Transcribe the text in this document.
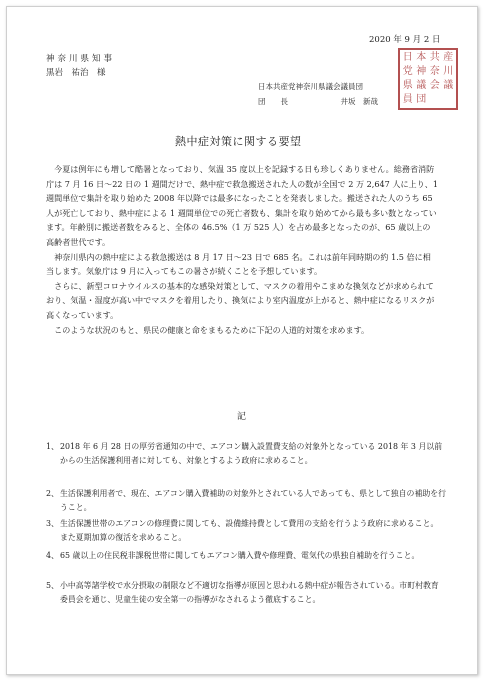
2020 年 9 月 2 日
神奈川県知事
黒岩　祐治　様
日本共産党神奈川県議会議員団
団　　長　　　　　　　井坂　新哉
日 本 共 産
党 神 奈 川
県 議 会 議
員 団
熱中症対策に関する要望
　今夏は例年にも増して酷暑となっており、気温 35 度以上を記録する日も珍しくありません。総務省消防庁は 7 月 16 日～22 日の 1 週間だけで、熱中症で救急搬送された人の数が全国で 2 万 2,647 人に上り、1 週間単位で集計を取り始めた 2008 年以降では最多になったことを発表しました。搬送された人のうち 65 人が死亡しており、熱中症による 1 週間単位での死亡者数も、集計を取り始めてから最も多い数となっています。年齢別に搬送者数をみると、全体の 46.5%（1 万 525 人）を占め最多となったのが、65 歳以上の高齢者世代です。
　神奈川県内の熱中症による救急搬送は 8 月 17 日～23 日で 685 名。これは前年同時期の約 1.5 倍に相当します。気象庁は 9 月に入ってもこの暑さが続くことを予想しています。
　さらに、新型コロナウイルスの基本的な感染対策として、マスクの着用やこまめな換気などが求められており、気温・湿度が高い中でマスクを着用したり、換気により室内温度が上がると、熱中症になるリスクが高くなっています。
　このような状況のもと、県民の健康と命をまもるために下記の人道的対策を求めます。
記
1、 2018 年 6 月 28 日の厚労省通知の中で、エアコン購入設置費支給の対象外となっている 2018 年 3 月以前からの生活保護利用者に対しても、対象とするよう政府に求めること。
2、 生活保護利用者で、現在、エアコン購入費補助の対象外とされている人であっても、県として独自の補助を行うこと。
3、 生活保護世帯のエアコンの修理費に関しても、設備維持費として費用の支給を行うよう政府に求めること。また夏期加算の復活を求めること。
4、 65 歳以上の住民税非課税世帯に関してもエアコン購入費や修理費、電気代の県独自補助を行うこと。
5、 小中高等諸学校で水分摂取の制限など不適切な指導が原因と思われる熱中症が報告されている。市町村教育委員会を通じ、児童生徒の安全第一の指導がなされるよう徹底すること。
